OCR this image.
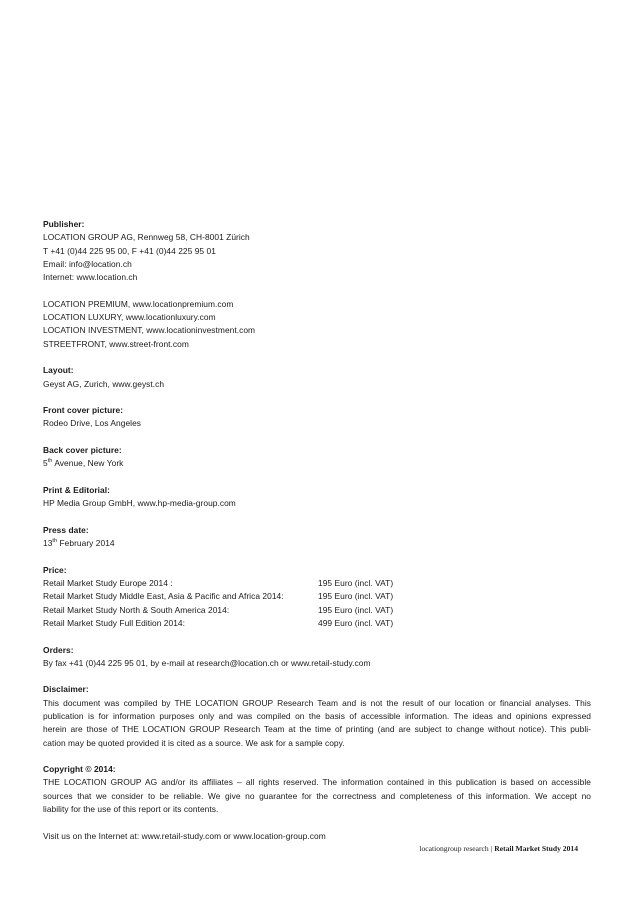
Publisher:
LOCATION GROUP AG, Rennweg 58, CH-8001 Zürich
T +41 (0)44 225 95 00, F +41 (0)44 225 95 01
Email: info@location.ch
Internet: www.location.ch
LOCATION PREMIUM, www.locationpremium.com
LOCATION LUXURY, www.locationluxury.com
LOCATION INVESTMENT, www.locationinvestment.com
STREETFRONT, www.street-front.com
Layout:
Geyst AG, Zurich, www.geyst.ch
Front cover picture:
Rodeo Drive, Los Angeles
Back cover picture:
5th Avenue, New York
Print & Editorial:
HP Media Group GmbH, www.hp-media-group.com
Press date:
13th February 2014
Price:
Retail Market Study Europe 2014 :	195 Euro (incl. VAT)
Retail Market Study Middle East, Asia & Pacific and Africa 2014:	195 Euro (incl. VAT)
Retail Market Study North & South America 2014:	195 Euro (incl. VAT)
Retail Market Study Full Edition 2014:	499 Euro (incl. VAT)
Orders:
By fax +41 (0)44 225 95 01, by e-mail at research@location.ch or www.retail-study.com
Disclaimer:
This document was compiled by THE LOCATION GROUP Research Team and is not the result of our location or financial analyses. This
publication is for information purposes only and was compiled on the basis of accessible information. The ideas and opinions expressed
herein are those of THE LOCATION GROUP Research Team at the time of printing (and are subject to change without notice). This publi-
cation may be quoted provided it is cited as a source. We ask for a sample copy.
Copyright © 2014:
THE LOCATION GROUP AG and/or its affiliates – all rights reserved. The information contained in this publication is based on accessible
sources that we consider to be reliable. We give no guarantee for the correctness and completeness of this information. We accept no
liability for the use of this report or its contents.
Visit us on the Internet at: www.retail-study.com or www.location-group.com
locationgroup research | Retail Market Study 2014
